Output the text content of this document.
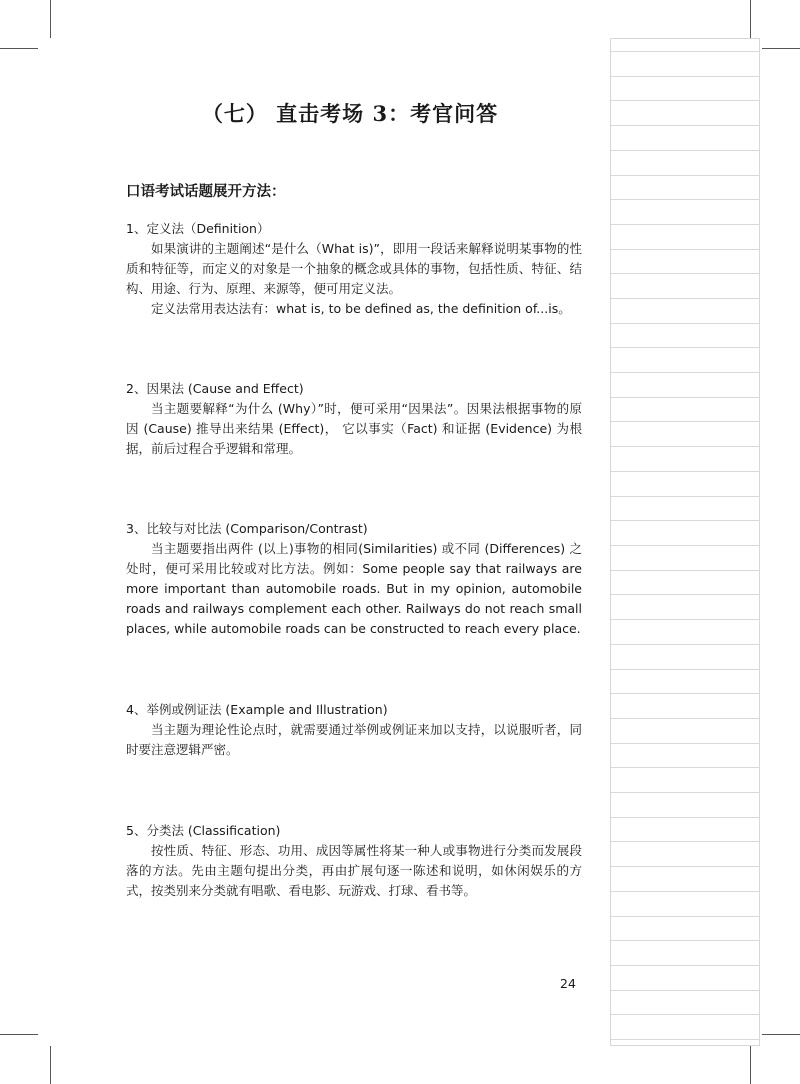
（七） 直击考场 3：考官问答
口语考试话题展开方法：
1、定义法（Definition）

如果演讲的主题阐述“是什么（What is)”，即用一段话来解释说明某事物的性质和特征等，而定义的对象是一个抽象的概念或具体的事物，包括性质、特征、结构、用途、行为、原理、来源等，便可用定义法。

定义法常用表达法有：what is, to be defined as, the definition of...is。

2、因果法 (Cause and Effect)

当主题要解释“为什么 (Why）”时，便可采用“因果法”。因果法根据事物的原因 (Cause) 推导出来结果 (Effect)， 它以事实（Fact) 和证据 (Evidence) 为根据，前后过程合乎逻辑和常理。

3、比较与对比法 (Comparison/Contrast)

当主题要指出两件 (以上)事物的相同(Similarities) 或不同 (Differences) 之处时，便可采用比较或对比方法。例如：Some people say that railways are more important than automobile roads. But in my opinion, automobile roads and railways complement each other. Railways do not reach small places, while automobile roads can be constructed to reach every place.

4、举例或例证法 (Example and Illustration)

当主题为理论性论点时，就需要通过举例或例证来加以支持，以说服听者，同时要注意逻辑严密。

5、分类法 (Classification)

按性质、特征、形态、功用、成因等属性将某一种人或事物进行分类而发展段落的方法。先由主题句提出分类，再由扩展句逐一陈述和说明，如休闲娱乐的方式，按类别来分类就有唱歌、看电影、玩游戏、打球、看书等。

24
